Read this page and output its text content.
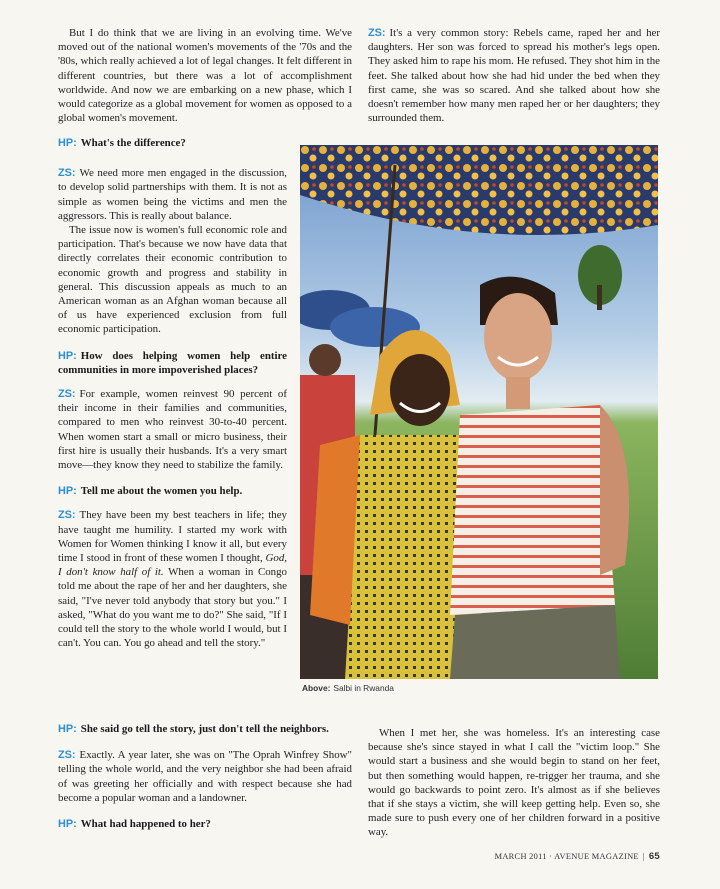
But I do think that we are living in an evolving time. We've moved out of the national women's movements of the '70s and the '80s, which really achieved a lot of legal changes. It felt different in different countries, but there was a lot of accomplishment worldwide. And now we are embarking on a new phase, which I would categorize as a global movement for women as opposed to a global women's movement.

ZS: It's a very common story: Rebels came, raped her and her daughters. Her son was forced to spread his mother's legs open. They asked him to rape his mom. He refused. They shot him in the feet. She talked about how she had hid under the bed when they first came, she was so scared. And she talked about how she doesn't remember how many men raped her or her daughters; they surrounded them.

HP: What's the difference?

ZS: We need more men engaged in the discussion, to develop solid partnerships with them. It is not as simple as women being the victims and men the aggressors. This is really about balance.

The issue now is women's full economic role and participation. That's because we now have data that directly correlates their economic contribution to economic growth and progress and stability in general. This discussion appeals as much to an American woman as an Afghan woman because all of us have experienced exclusion from full economic participation.

HP: How does helping women help entire communities in more impoverished places?

ZS: For example, women reinvest 90 percent of their income in their families and communities, compared to men who reinvest 30-to-40 percent. When women start a small or micro business, their first hire is usually their husbands. It's a very smart move—they know they need to stabilize the family.

HP: Tell me about the women you help.

ZS: They have been my best teachers in life; they have taught me humility. I started my work with Women for Women thinking I know it all, but every time I stood in front of these women I thought, God, I don't know half of it. When a woman in Congo told me about the rape of her and her daughters, she said, "I've never told anybody that story but you." I asked, "What do you want me to do?" She said, "If I could tell the story to the whole world I would, but I can't. You can. You go ahead and tell the story."

Above: Salbi in Rwanda

HP: She said go tell the story, just don't tell the neighbors.

ZS: Exactly. A year later, she was on "The Oprah Winfrey Show" telling the whole world, and the very neighbor she had been afraid of was greeting her officially and with respect because she had become a popular woman and a landowner.

HP: What had happened to her?

When I met her, she was homeless. It's an interesting case because she's since stayed in what I call the "victim loop." She would start a business and she would begin to stand on her feet, but then something would happen, re-trigger her trauma, and she would go backwards to point zero. It's almost as if she believes that if she stays a victim, she will keep getting help. Even so, she made sure to push every one of her children forward in a positive way.

MARCH 2011 · AVENUE MAGAZINE | 65
